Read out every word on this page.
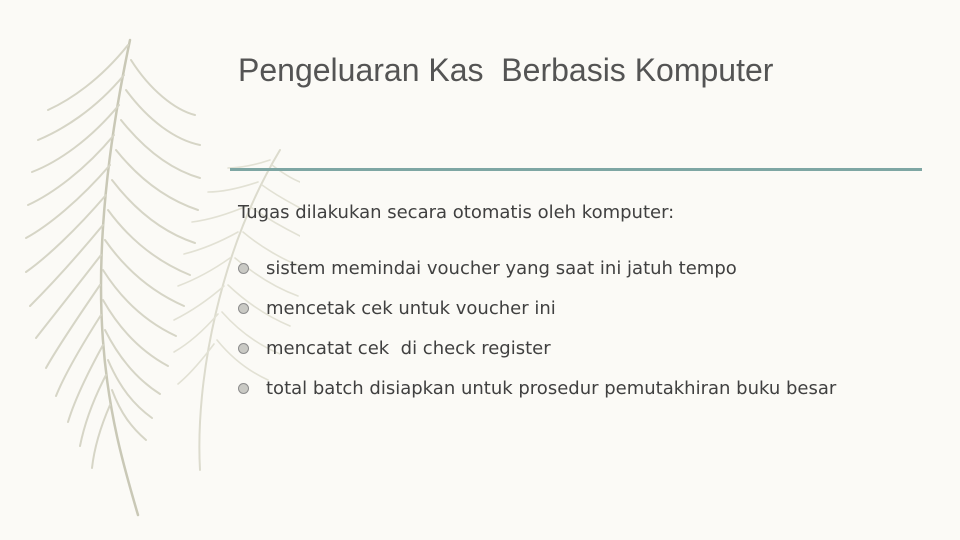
Pengeluaran Kas  Berbasis Komputer

Tugas dilakukan secara otomatis oleh komputer:

sistem memindai voucher yang saat ini jatuh tempo
mencetak cek untuk voucher ini
mencatat cek  di check register
total batch disiapkan untuk prosedur pemutakhiran buku besar
